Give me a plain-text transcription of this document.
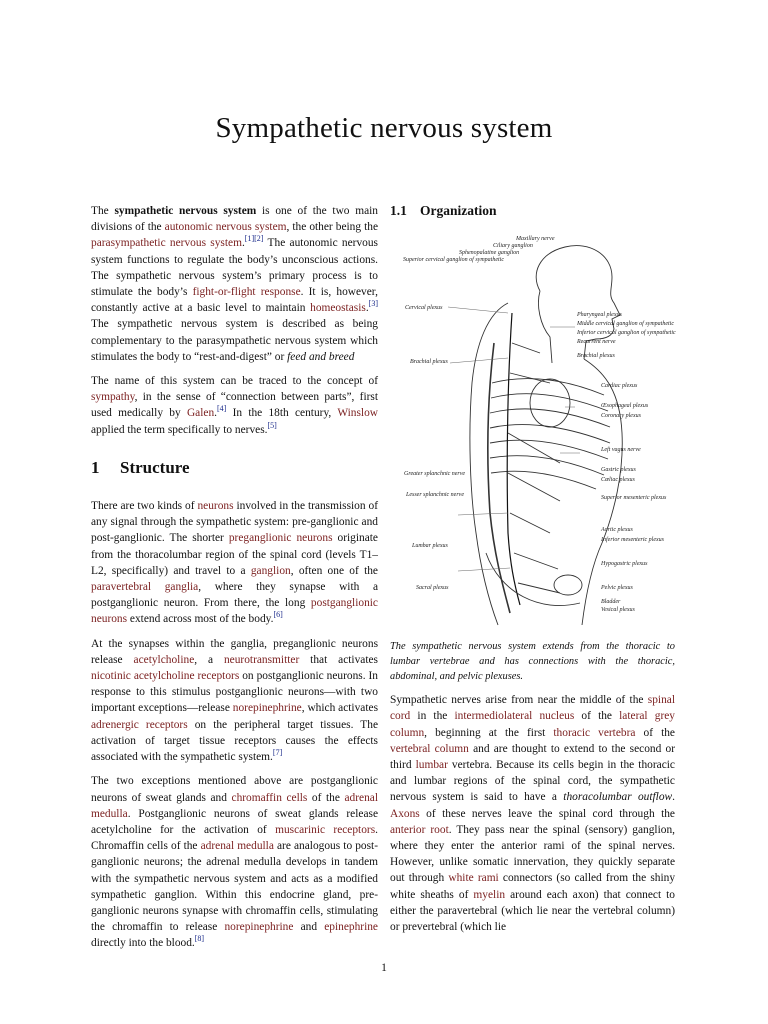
Sympathetic nervous system

The sympathetic nervous system is one of the two main divisions of the autonomic nervous system, the other being the parasympathetic nervous system.[1][2] The autonomic nervous system functions to regulate the body’s unconscious actions. The sympathetic nervous system’s primary process is to stimulate the body’s fight-or-flight response. It is, however, constantly active at a basic level to maintain homeostasis.[3] The sympathetic nervous system is described as being complementary to the parasympathetic nervous system which stimulates the body to “rest-and-digest” or feed and breed

The name of this system can be traced to the concept of sympathy, in the sense of “connection between parts”, first used medically by Galen.[4] In the 18th century, Winslow applied the term specifically to nerves.[5]

1 Structure

There are two kinds of neurons involved in the transmission of any signal through the sympathetic system: pre-ganglionic and post-ganglionic. The shorter preganglionic neurons originate from the thoracolumbar region of the spinal cord (levels T1–L2, specifically) and travel to a ganglion, often one of the paravertebral ganglia, where they synapse with a postganglionic neuron. From there, the long postganglionic neurons extend across most of the body.[6]

At the synapses within the ganglia, preganglionic neurons release acetylcholine, a neurotransmitter that activates nicotinic acetylcholine receptors on postganglionic neurons. In response to this stimulus postganglionic neurons—with two important exceptions—release norepinephrine, which activates adrenergic receptors on the peripheral target tissues. The activation of target tissue receptors causes the effects associated with the sympathetic system.[7]

The two exceptions mentioned above are postganglionic neurons of sweat glands and chromaffin cells of the adrenal medulla. Postganglionic neurons of sweat glands release acetylcholine for the activation of muscarinic receptors. Chromaffin cells of the adrenal medulla are analogous to post-ganglionic neurons; the adrenal medulla develops in tandem with the sympathetic nervous system and acts as a modified sympathetic ganglion. Within this endocrine gland, pre-ganglionic neurons synapse with chromaffin cells, stimulating the chromaffin to release norepinephrine and epinephrine directly into the blood.[8]

1.1 Organization
Maxillary nerve
Ciliary ganglion
Sphenopalatine ganglion
Superior cervical ganglion of sympathetic
Cervical plexus
Pharyngeal plexus
Middle cervical ganglion of sympathetic
Inferior cervical ganglion of sympathetic
Recurrent nerve
Brachial plexus
Brachial plexus
Cardiac plexus
Œsophageal plexus
Coronary plexus
Left vagus nerve
Greater splanchnic nerve
Gastric plexus
Cœliac plexus
Lesser splanchnic nerve	Superior mesenteric plexus
Aortic plexus
Inferior mesenteric plexus
Lumbar plexus
Hypogastric plexus
Sacral plexus	Pelvic plexus
Bladder
Vesical plexus

The sympathetic nervous system extends from the thoracic to lumbar vertebrae and has connections with the thoracic, abdominal, and pelvic plexuses.

Sympathetic nerves arise from near the middle of the spinal cord in the intermediolateral nucleus of the lateral grey column, beginning at the first thoracic vertebra of the vertebral column and are thought to extend to the second or third lumbar vertebra. Because its cells begin in the thoracic and lumbar regions of the spinal cord, the sympathetic nervous system is said to have a thoracolumbar outflow. Axons of these nerves leave the spinal cord through the anterior root. They pass near the spinal (sensory) ganglion, where they enter the anterior rami of the spinal nerves. However, unlike somatic innervation, they quickly separate out through white rami connectors (so called from the shiny white sheaths of myelin around each axon) that connect to either the paravertebral (which lie near the vertebral column) or prevertebral (which lie

1
